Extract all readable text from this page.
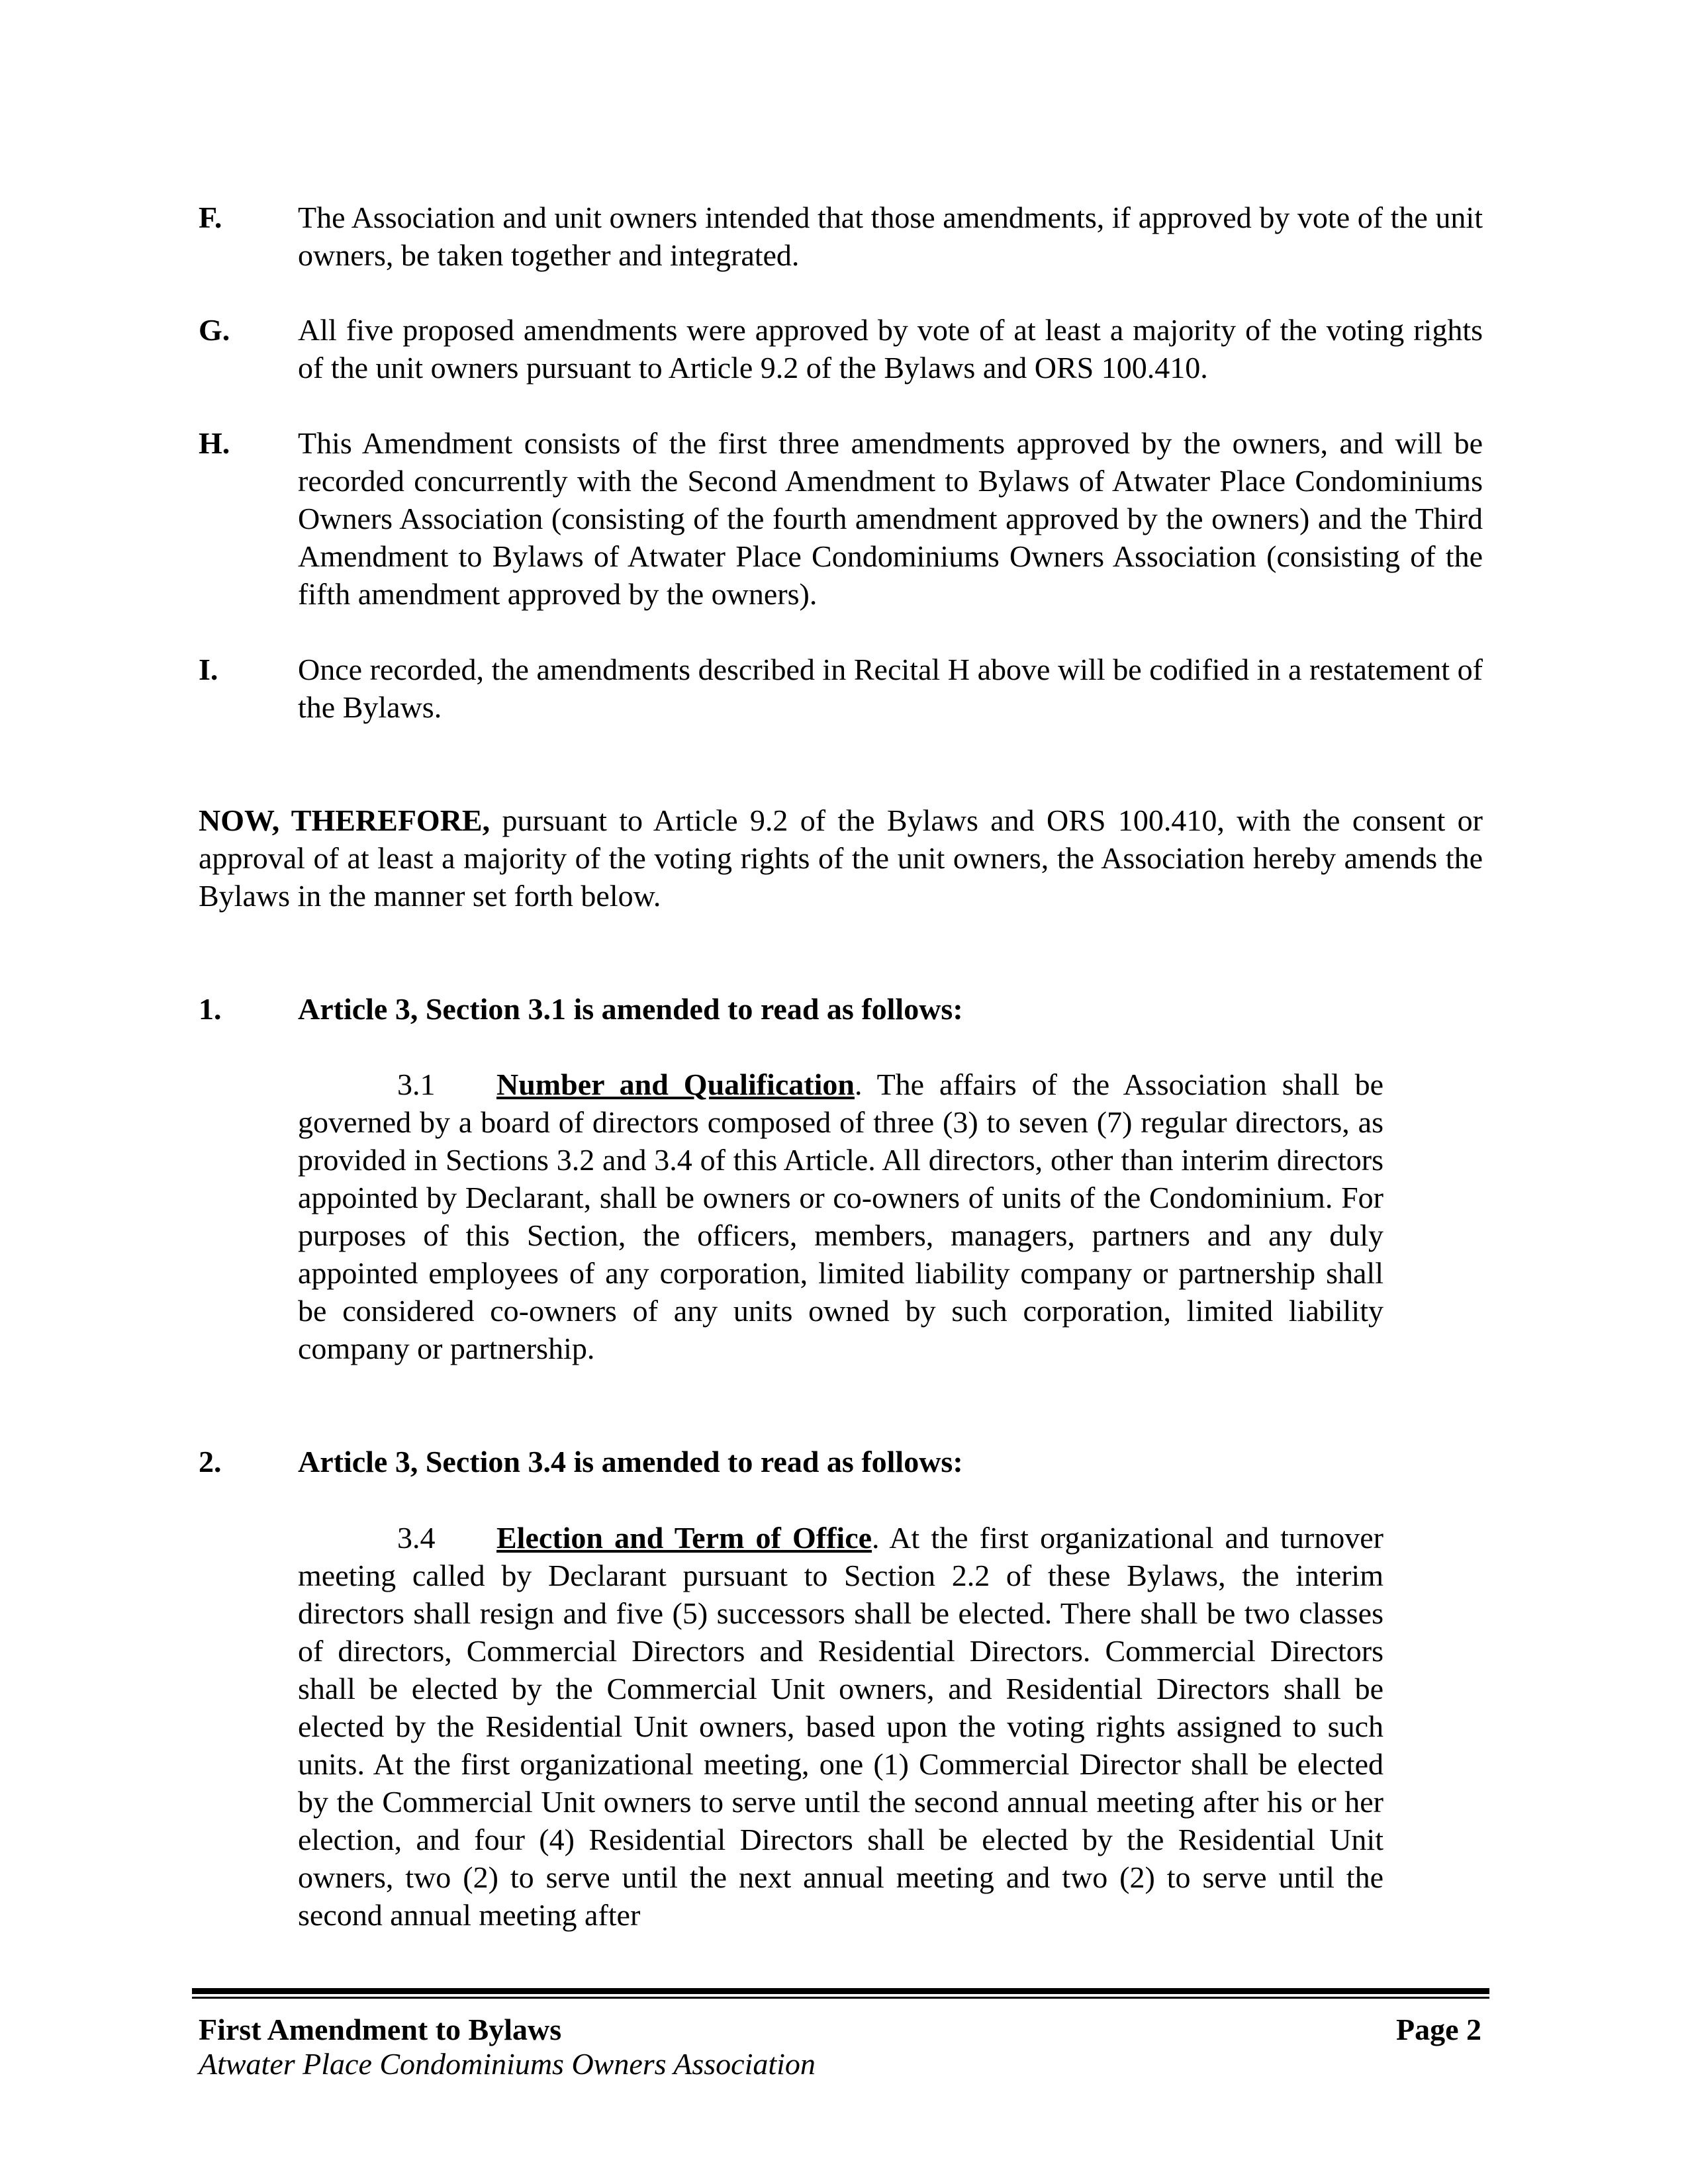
F. The Association and unit owners intended that those amendments, if approved by vote of the unit owners, be taken together and integrated.
G. All five proposed amendments were approved by vote of at least a majority of the voting rights of the unit owners pursuant to Article 9.2 of the Bylaws and ORS 100.410.
H. This Amendment consists of the first three amendments approved by the owners, and will be recorded concurrently with the Second Amendment to Bylaws of Atwater Place Condominiums Owners Association (consisting of the fourth amendment approved by the owners) and the Third Amendment to Bylaws of Atwater Place Condominiums Owners Association (consisting of the fifth amendment approved by the owners).
I.	Once recorded, the amendments described in Recital H above will be codified in a restatement of the Bylaws.
NOW, THEREFORE, pursuant to Article 9.2 of the Bylaws and ORS 100.410, with the consent or approval of at least a majority of the voting rights of the unit owners, the Association hereby amends the Bylaws in the manner set forth below.
1.	Article 3, Section 3.1 is amended to read as follows:
3.1 Number and Qualification. The affairs of the Association shall be governed by a board of directors composed of three (3) to seven (7) regular directors, as provided in Sections 3.2 and 3.4 of this Article. All directors, other than interim directors appointed by Declarant, shall be owners or co-owners of units of the Condominium. For purposes of this Section, the officers, members, managers, partners and any duly appointed employees of any corporation, limited liability company or partnership shall be considered co-owners of any units owned by such corporation, limited liability company or partnership.
2.	Article 3, Section 3.4 is amended to read as follows:
3.4 Election and Term of Office. At the first organizational and turnover meeting called by Declarant pursuant to Section 2.2 of these Bylaws, the interim directors shall resign and five (5) successors shall be elected. There shall be two classes of directors, Commercial Directors and Residential Directors. Commercial Directors shall be elected by the Commercial Unit owners, and Residential Directors shall be elected by the Residential Unit owners, based upon the voting rights assigned to such units. At the first organizational meeting, one (1) Commercial Director shall be elected by the Commercial Unit owners to serve until the second annual meeting after his or her election, and four (4) Residential Directors shall be elected by the Residential Unit owners, two (2) to serve until the next annual meeting and two (2) to serve until the second annual meeting after
First Amendment to Bylaws
Atwater Place Condominiums Owners Association
Page 2
